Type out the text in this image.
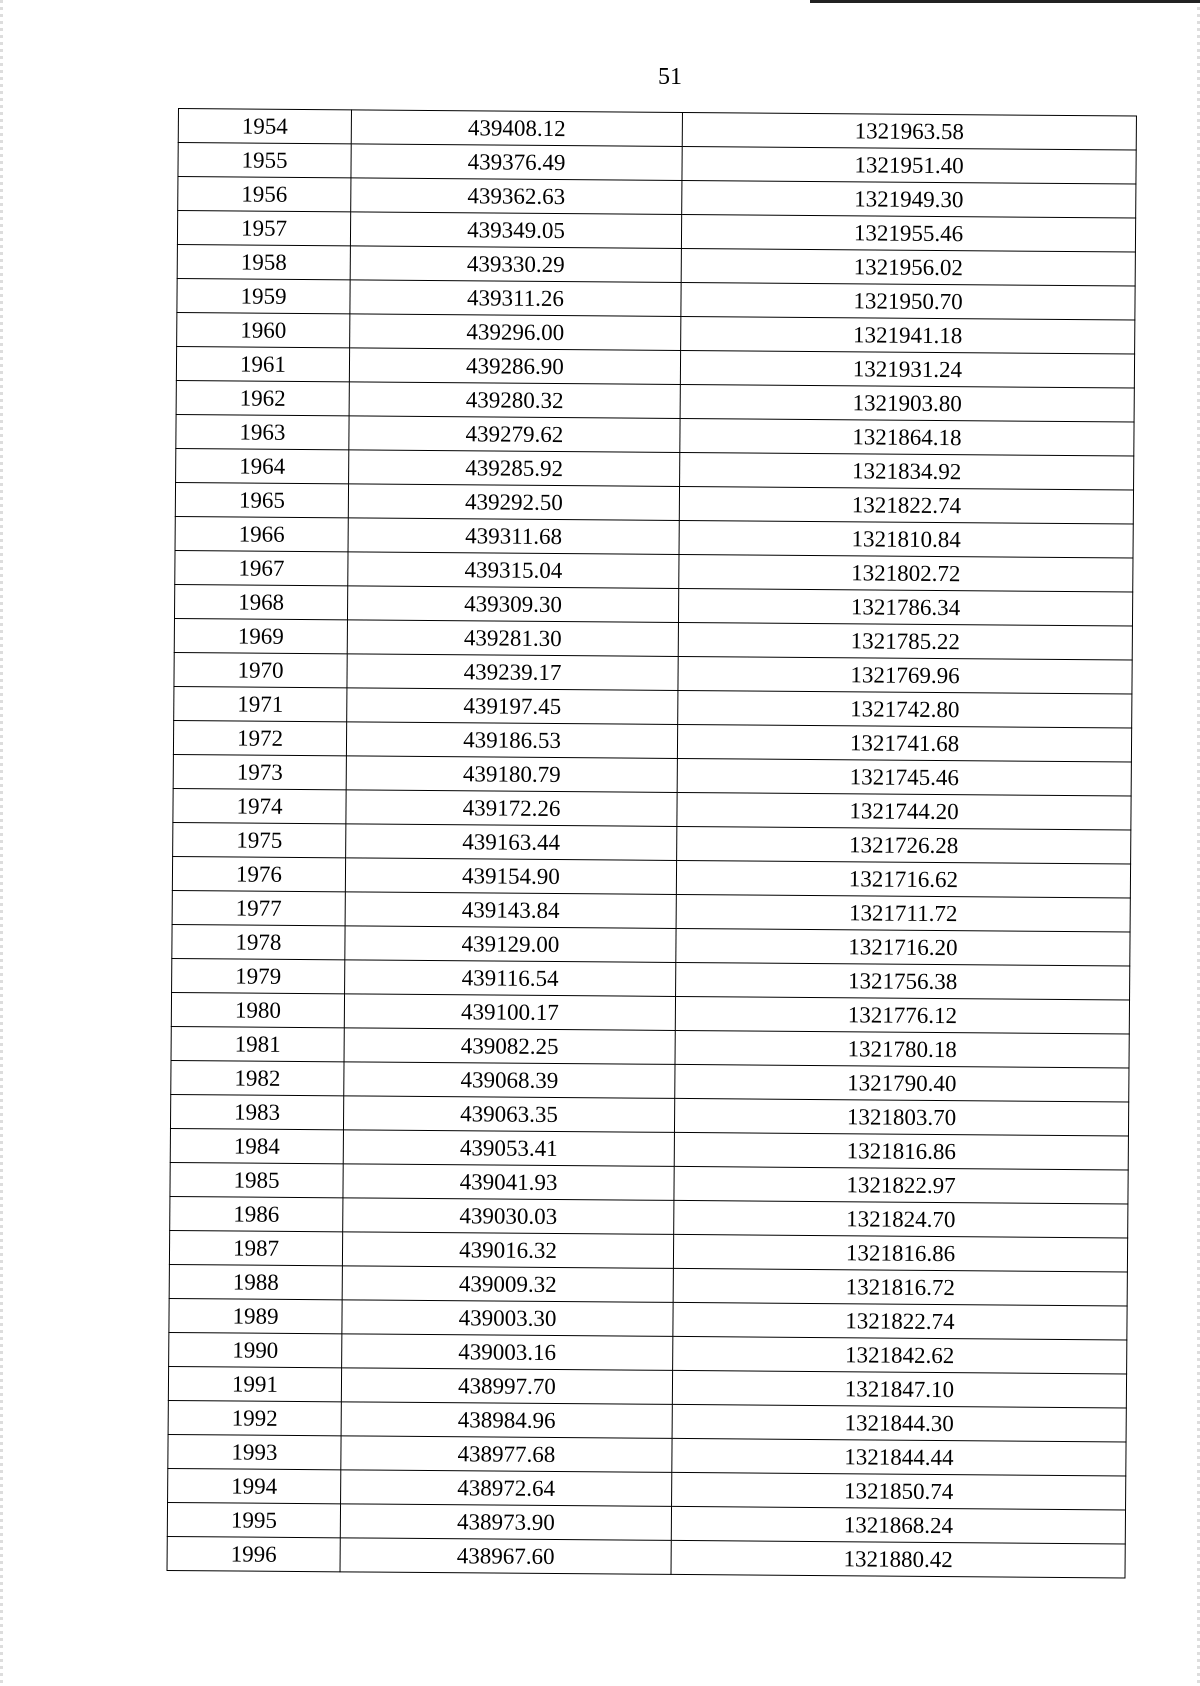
51
1954	439408.12	1321963.58
1955	439376.49	1321951.40
1956	439362.63	1321949.30
1957	439349.05	1321955.46
1958	439330.29	1321956.02
1959	439311.26	1321950.70
1960	439296.00	1321941.18
1961	439286.90	1321931.24
1962	439280.32	1321903.80
1963	439279.62	1321864.18
1964	439285.92	1321834.92
1965	439292.50	1321822.74
1966	439311.68	1321810.84
1967	439315.04	1321802.72
1968	439309.30	1321786.34
1969	439281.30	1321785.22
1970	439239.17	1321769.96
1971	439197.45	1321742.80
1972	439186.53	1321741.68
1973	439180.79	1321745.46
1974	439172.26	1321744.20
1975	439163.44	1321726.28
1976	439154.90	1321716.62
1977	439143.84	1321711.72
1978	439129.00	1321716.20
1979	439116.54	1321756.38
1980	439100.17	1321776.12
1981	439082.25	1321780.18
1982	439068.39	1321790.40
1983	439063.35	1321803.70
1984	439053.41	1321816.86
1985	439041.93	1321822.97
1986	439030.03	1321824.70
1987	439016.32	1321816.86
1988	439009.32	1321816.72
1989	439003.30	1321822.74
1990	439003.16	1321842.62
1991	438997.70	1321847.10
1992	438984.96	1321844.30
1993	438977.68	1321844.44
1994	438972.64	1321850.74
1995	438973.90	1321868.24
1996	438967.60	1321880.42
